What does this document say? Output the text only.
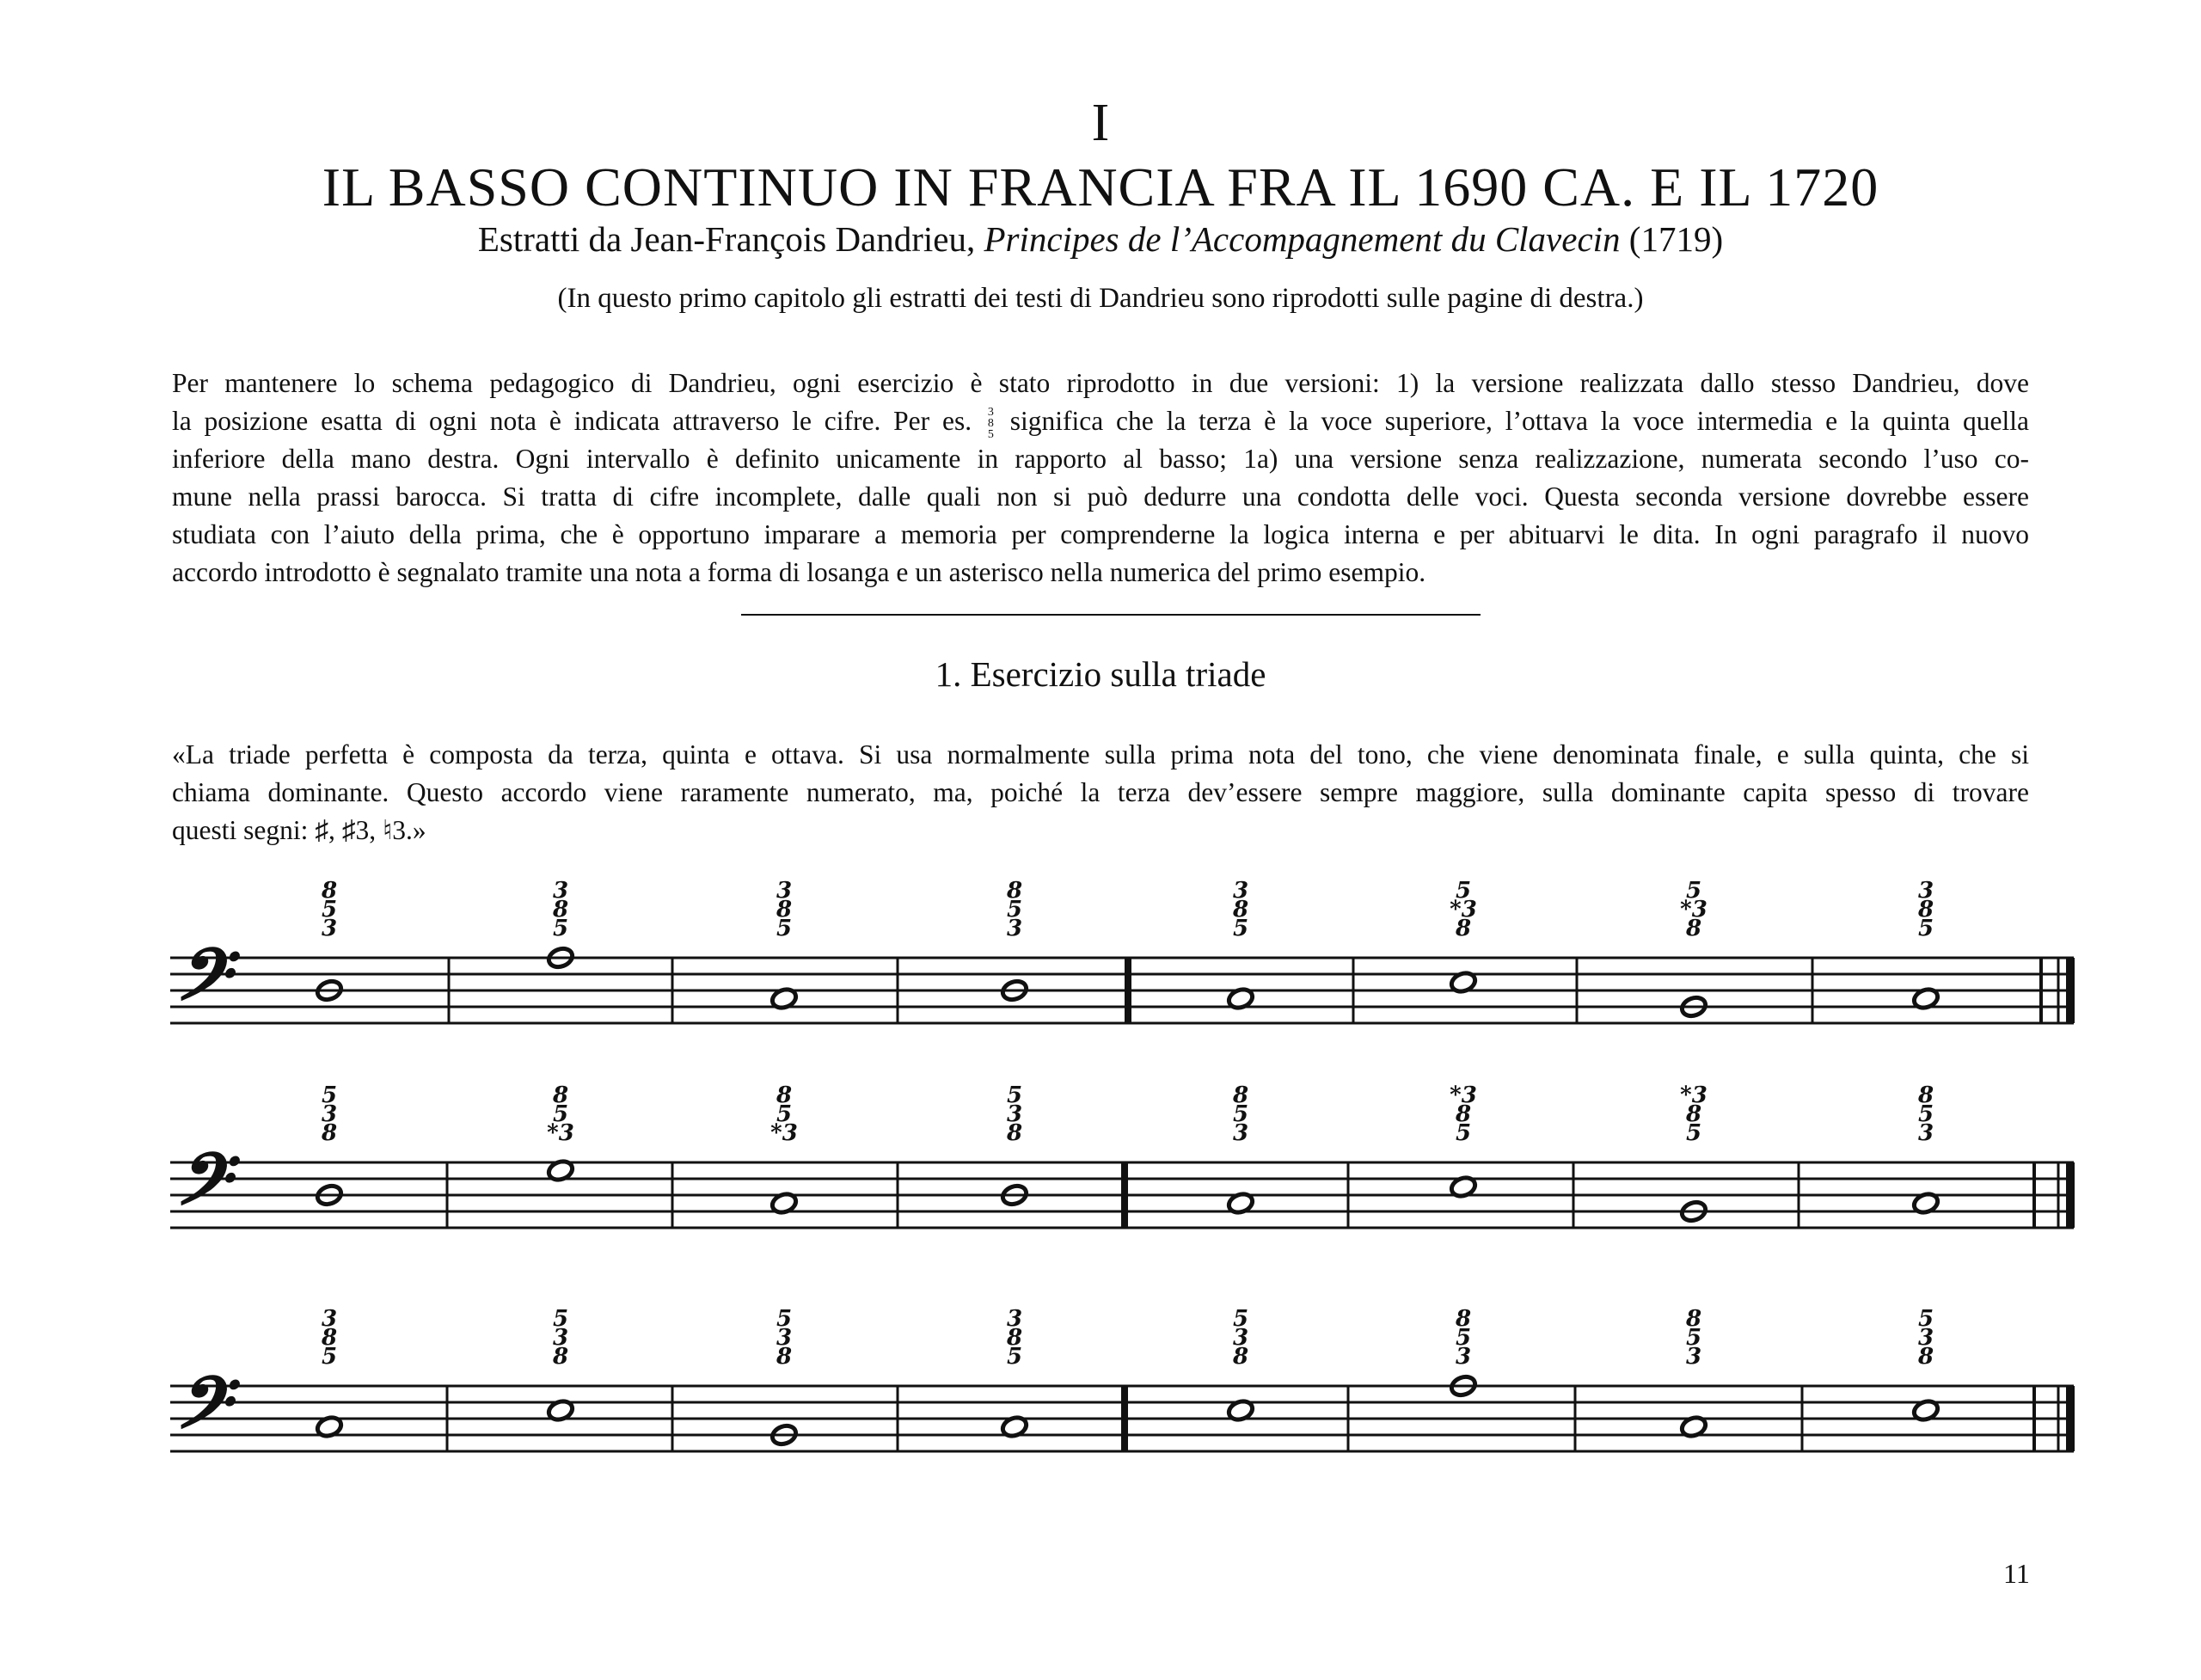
I
IL BASSO CONTINUO IN FRANCIA FRA IL 1690 CA. E IL 1720
Estratti da Jean-François Dandrieu, Principes de l’Accompagnement du Clavecin (1719)
(In questo primo capitolo gli estratti dei testi di Dandrieu sono riprodotti sulle pagine di destra.)
Per mantenere lo schema pedagogico di Dandrieu, ogni esercizio è stato riprodotto in due versioni: 1) la versione realizzata dallo stesso Dandrieu, dove
la posizione esatta di ogni nota è indicata attraverso le cifre. Per es. 3
8
5 significa che la terza è la voce superiore, l’ottava la voce intermedia e la quinta quella
inferiore della mano destra. Ogni intervallo è definito unicamente in rapporto al basso; 1a) una versione senza realizzazione, numerata secondo l’uso co-
mune nella prassi barocca. Si tratta di cifre incomplete, dalle quali non si può dedurre una condotta delle voci. Questa seconda versione dovrebbe essere
studiata con l’aiuto della prima, che è opportuno imparare a memoria per comprenderne la logica interna e per abituarvi le dita. In ogni paragrafo il nuovo
accordo introdotto è segnalato tramite una nota a forma di losanga e un asterisco nella numerica del primo esempio.
1. Esercizio sulla triade
«La triade perfetta è composta da terza, quinta e ottava. Si usa normalmente sulla prima nota del tono, che viene denominata finale, e sulla quinta, che si
chiama dominante. Questo accordo viene raramente numerato, ma, poiché la terza dev’essere sempre maggiore, sulla dominante capita spesso di trovare
questi segni: ♯, ♯3, ♮3.»
𝄢
8
5
3
3
8
5
3
8
5
8
5
3
3
8
5
5
*3
8
5
*3
8
3
8
5
𝄢
5
3
8
8
5
*3
8
5
*3
5
3
8
8
5
3
*3
8
5
*3
8
5
8
5
3
𝄢
3
8
5
5
3
8
5
3
8
3
8
5
5
3
8
8
5
3
8
5
3
5
3
8
11
